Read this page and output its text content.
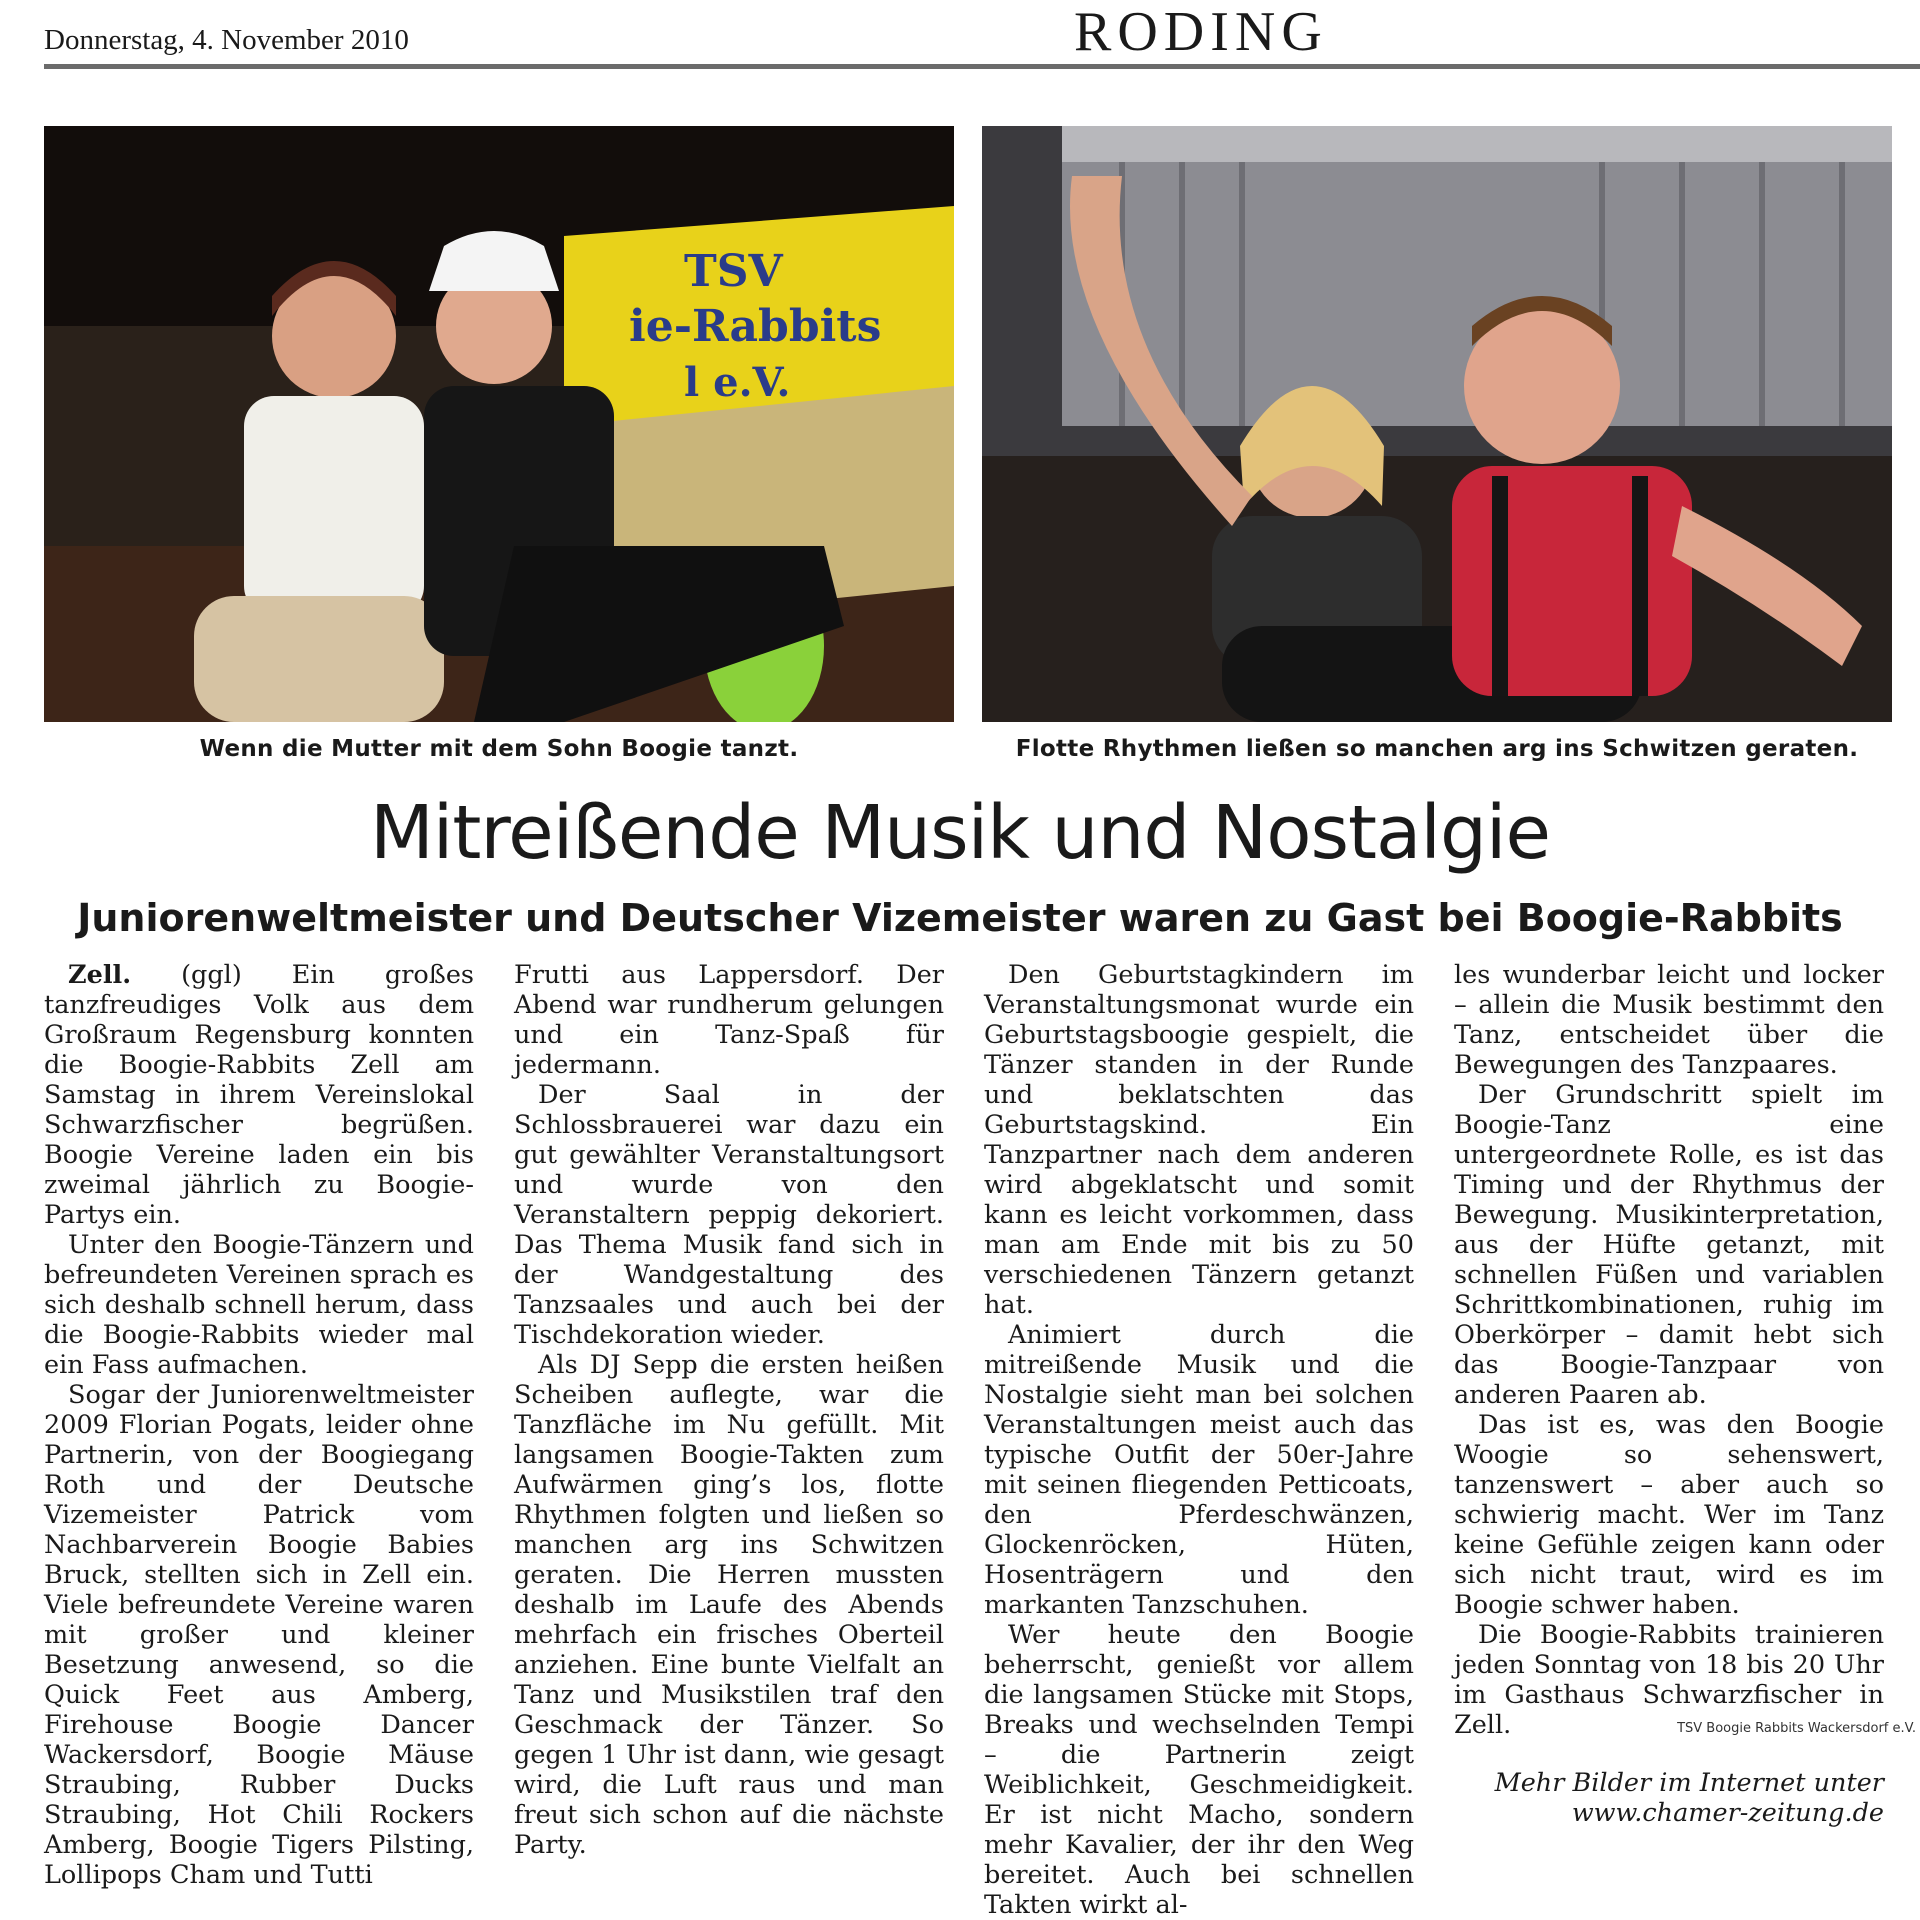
Donnerstag, 4. November 2010	RODING
TSV
ie-Rabbits
l e.V.
Wenn die Mutter mit dem Sohn Boogie tanzt.	Flotte Rhythmen ließen so manchen arg ins Schwitzen geraten.
Mitreißende Musik und Nostalgie
Juniorenweltmeister und Deutscher Vizemeister waren zu Gast bei Boogie-Rabbits

Zell. (ggl) Ein großes tanzfreudiges Volk aus dem Großraum Regensburg konnten die Boogie-Rabbits Zell am Samstag in ihrem Vereinslokal Schwarzfischer begrüßen. Boogie Vereine laden ein bis zweimal jährlich zu Boogie-Partys ein.

Unter den Boogie-Tänzern und befreundeten Vereinen sprach es sich deshalb schnell herum, dass die Boogie-Rabbits wieder mal ein Fass aufmachen.

Sogar der Juniorenweltmeister 2009 Florian Pogats, leider ohne Partnerin, von der Boogiegang Roth und der Deutsche Vizemeister Patrick vom Nachbarverein Boogie Babies Bruck, stellten sich in Zell ein. Viele befreundete Vereine waren mit großer und kleiner Besetzung anwesend, so die Quick Feet aus Amberg, Firehouse Boogie Dancer Wackersdorf, Boogie Mäuse Straubing, Rubber Ducks Straubing, Hot Chili Rockers Amberg, Boogie Tigers Pilsting, Lollipops Cham und Tutti

Frutti aus Lappersdorf. Der Abend war rundherum gelungen und ein Tanz-Spaß für jedermann.

Der Saal in der Schlossbrauerei war dazu ein gut gewählter Veranstaltungsort und wurde von den Veranstaltern peppig dekoriert. Das Thema Musik fand sich in der Wandgestaltung des Tanzsaales und auch bei der Tischdekoration wieder.

Als DJ Sepp die ersten heißen Scheiben auflegte, war die Tanzfläche im Nu gefüllt. Mit langsamen Boogie-Takten zum Aufwärmen ging’s los, flotte Rhythmen folgten und ließen so manchen arg ins Schwitzen geraten. Die Herren mussten deshalb im Laufe des Abends mehrfach ein frisches Oberteil anziehen. Eine bunte Vielfalt an Tanz und Musikstilen traf den Geschmack der Tänzer. So gegen 1 Uhr ist dann, wie gesagt wird, die Luft raus und man freut sich schon auf die nächste Party.

Den Geburtstagkindern im Veranstaltungsmonat wurde ein Geburtstagsboogie gespielt, die Tänzer standen in der Runde und beklatschten das Geburtstagskind. Ein Tanzpartner nach dem anderen wird abgeklatscht und somit kann es leicht vorkommen, dass man am Ende mit bis zu 50 verschiedenen Tänzern getanzt hat.

Animiert durch die mitreißende Musik und die Nostalgie sieht man bei solchen Veranstaltungen meist auch das typische Outfit der 50er-Jahre mit seinen fliegenden Petticoats, den Pferdeschwänzen, Glockenröcken, Hüten, Hosenträgern und den markanten Tanzschuhen.

Wer heute den Boogie beherrscht, genießt vor allem die langsamen Stücke mit Stops, Breaks und wechselnden Tempi – die Partnerin zeigt Weiblichkeit, Geschmeidigkeit. Er ist nicht Macho, sondern mehr Kavalier, der ihr den Weg bereitet. Auch bei schnellen Takten wirkt al-

les wunderbar leicht und locker – allein die Musik bestimmt den Tanz, entscheidet über die Bewegungen des Tanzpaares.

Der Grundschritt spielt im Boogie-Tanz eine untergeordnete Rolle, es ist das Timing und der Rhythmus der Bewegung. Musikinterpretation, aus der Hüfte getanzt, mit schnellen Füßen und variablen Schrittkombinationen, ruhig im Oberkörper – damit hebt sich das Boogie-Tanzpaar von anderen Paaren ab.

Das ist es, was den Boogie Woogie so sehenswert, tanzenswert – aber auch so schwierig macht. Wer im Tanz keine Gefühle zeigen kann oder sich nicht traut, wird es im Boogie schwer haben.

Die Boogie-Rabbits trainieren jeden Sonntag von 18 bis 20 Uhr im Gasthaus Schwarzfischer in Zell.

Mehr Bilder im Internet unter www.chamer-zeitung.de

TSV Boogie Rabbits Wackersdorf e.V.
